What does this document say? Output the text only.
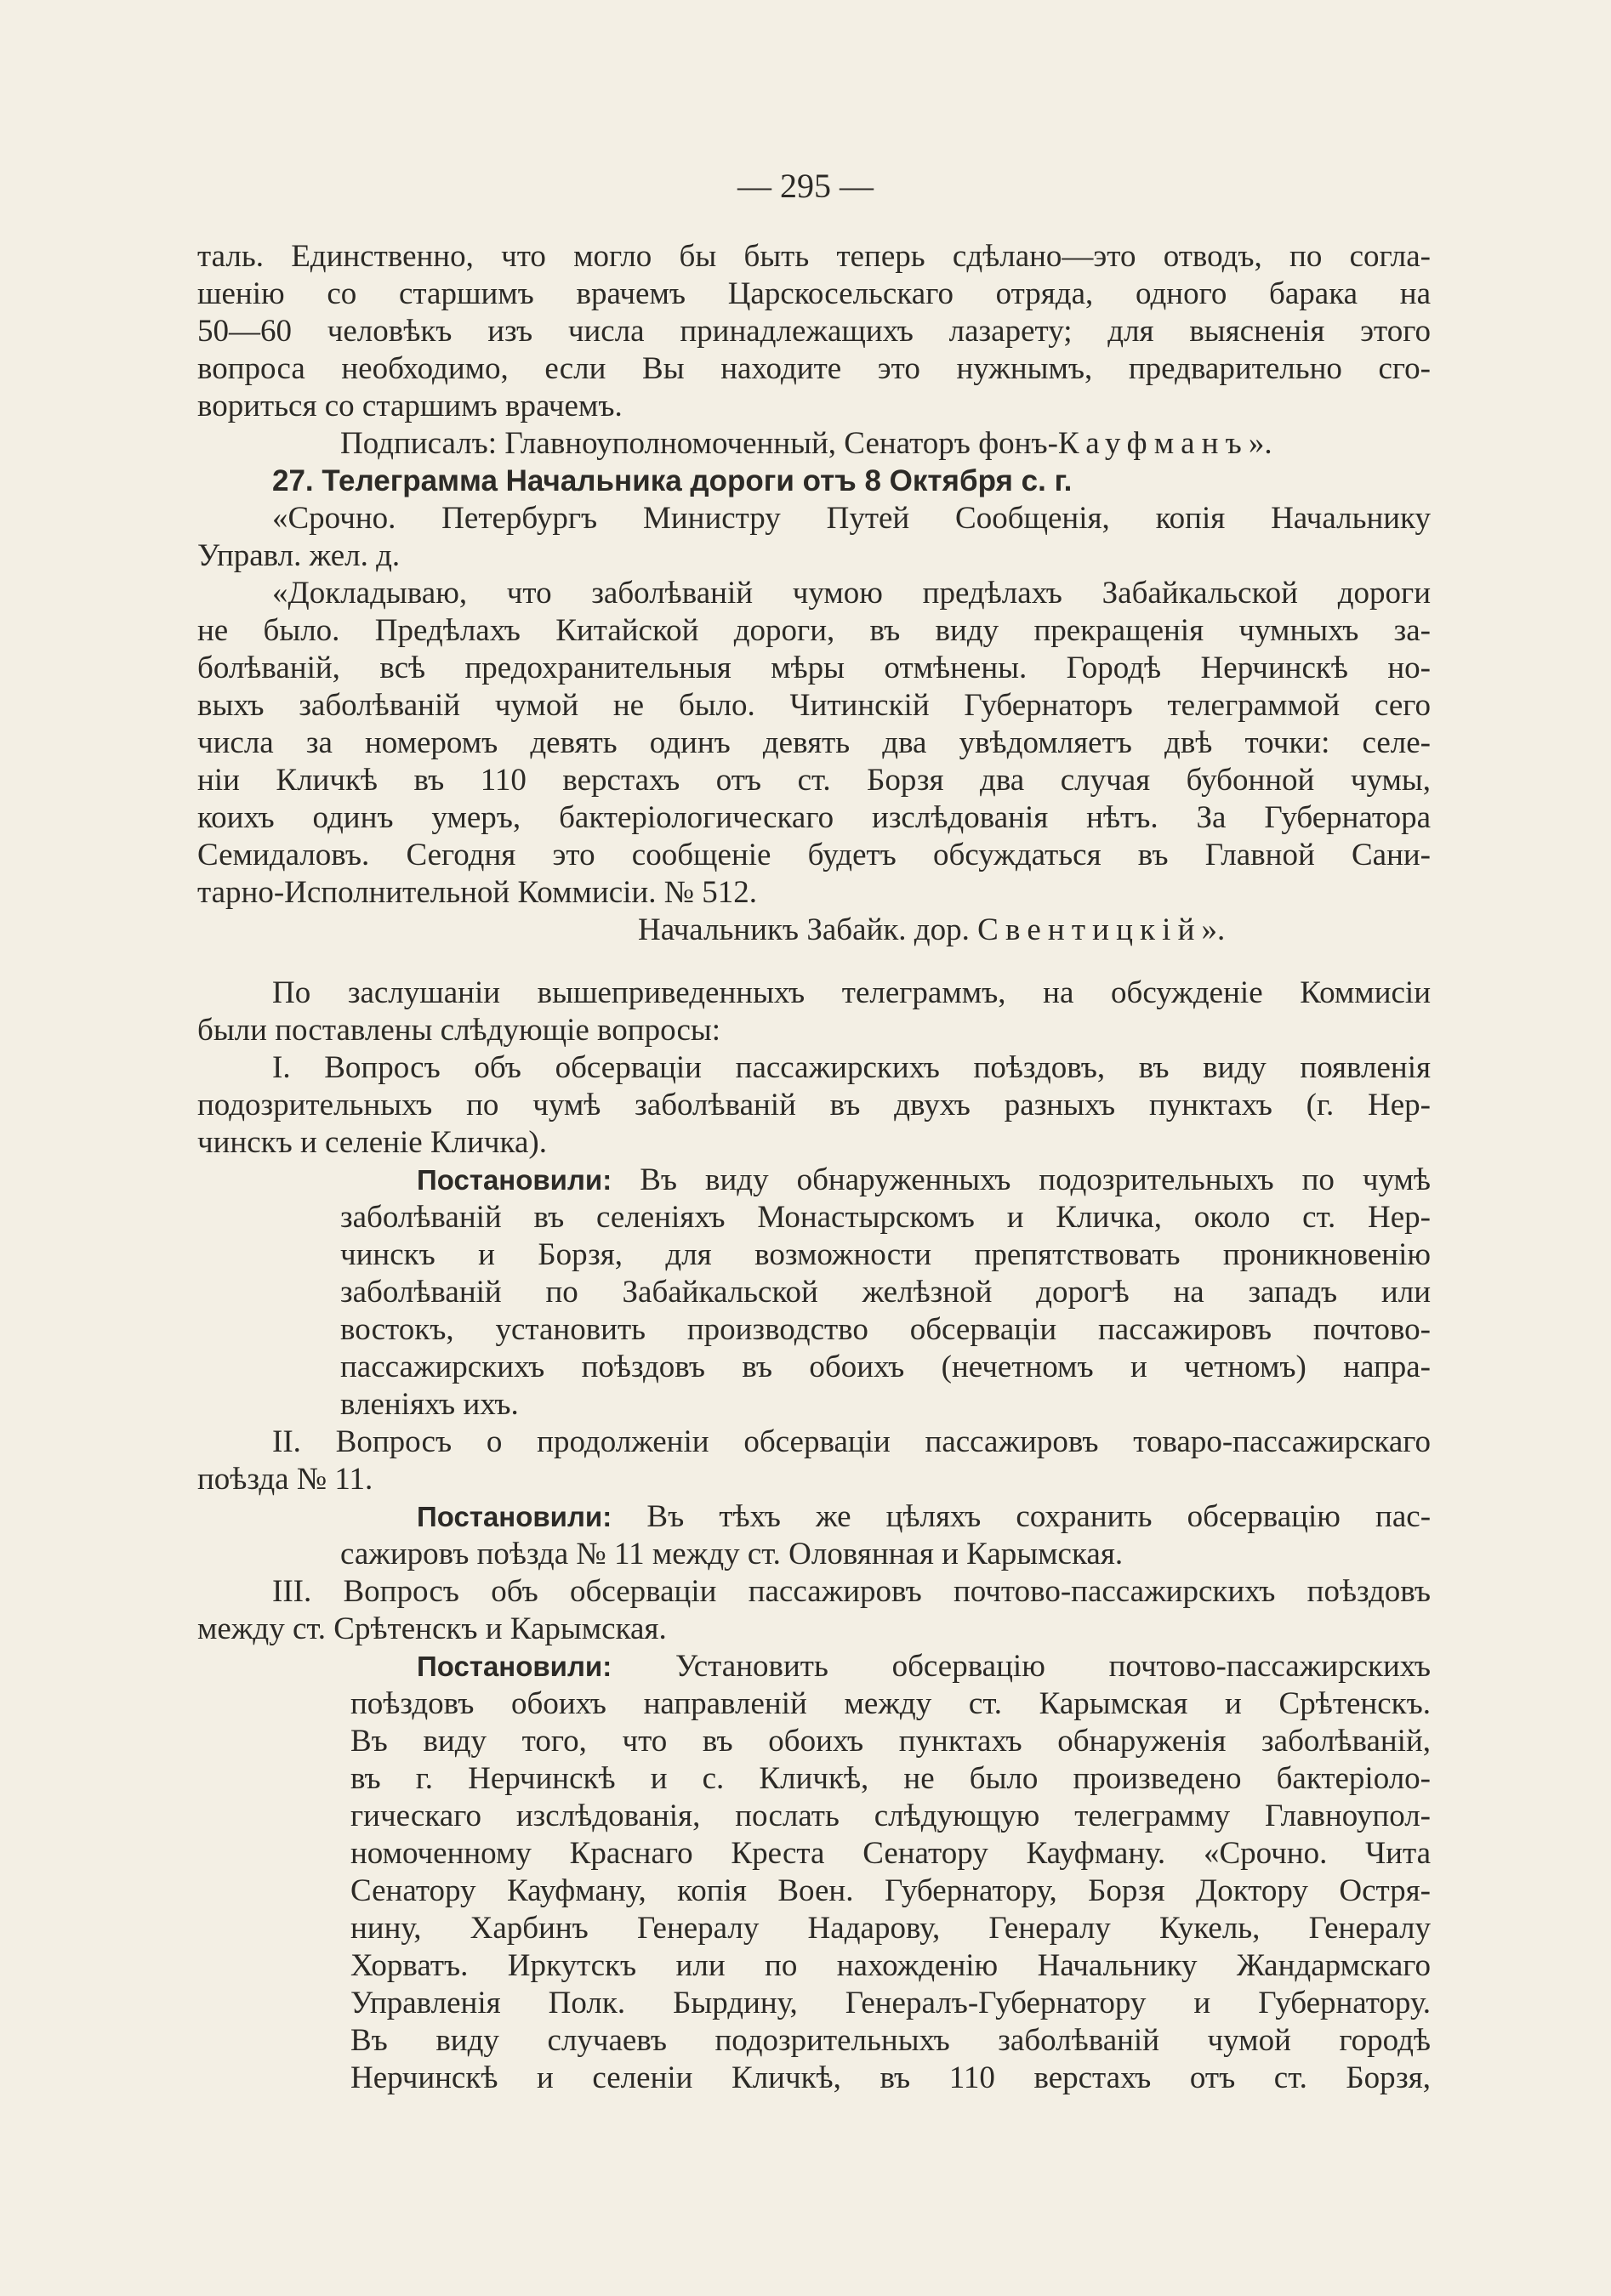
— 295 —
таль. Единственно, что могло бы быть теперь сдѣлано—это отводъ, по согла-
шенію со старшимъ врачемъ Царскосельскаго отряда, одного барака на
50—60 человѣкъ изъ числа принадлежащихъ лазарету; для выясненія этого
вопроса необходимо, если Вы находите это нужнымъ, предварительно сго-
вориться со старшимъ врачемъ.
Подписалъ: Главноуполномоченный, Сенаторъ фонъ-Кауфманъ».
27. Телеграмма Начальника дороги отъ 8 Октября с. г.
«Срочно. Петербургъ Министру Путей Сообщенія, копія Начальнику
Управл. жел. д.
«Докладываю, что заболѣваній чумою предѣлахъ Забайкальской дороги
не было. Предѣлахъ Китайской дороги, въ виду прекращенія чумныхъ за-
болѣваній, всѣ предохранительныя мѣры отмѣнены. Городѣ Нерчинскѣ но-
выхъ заболѣваній чумой не было. Читинскій Губернаторъ телеграммой сего
числа за номеромъ девять одинъ девять два увѣдомляетъ двѣ точки: селе-
ніи Кличкѣ въ 110 верстахъ отъ ст. Борзя два случая бубонной чумы,
коихъ одинъ умеръ, бактеріологическаго изслѣдованія нѣтъ. За Губернатора
Семидаловъ. Сегодня это сообщеніе будетъ обсуждаться въ Главной Сани-
тарно-Исполнительной Коммисіи. № 512.
Начальникъ Забайк. дор. Свентицкій».
По заслушаніи вышеприведенныхъ телеграммъ, на обсужденіе Коммисіи
были поставлены слѣдующіе вопросы:
I. Вопросъ объ обсерваціи пассажирскихъ поѣздовъ, въ виду появленія
подозрительныхъ по чумѣ заболѣваній въ двухъ разныхъ пунктахъ (г. Нер-
чинскъ и селеніе Кличка).
Постановили: Въ виду обнаруженныхъ подозрительныхъ по чумѣ
заболѣваній въ селеніяхъ Монастырскомъ и Кличка, около ст. Нер-
чинскъ и Борзя, для возможности препятствовать проникновенію
заболѣваній по Забайкальской желѣзной дорогѣ на западъ или
востокъ, установить производство обсерваціи пассажировъ почтово-
пассажирскихъ поѣздовъ въ обоихъ (нечетномъ и четномъ) напра-
вленіяхъ ихъ.
II. Вопросъ о продолженіи обсерваціи пассажировъ товаро-пассажирскаго
поѣзда № 11.
Постановили: Въ тѣхъ же цѣляхъ сохранить обсервацію пас-
сажировъ поѣзда № 11 между ст. Оловянная и Карымская.
III. Вопросъ объ обсерваціи пассажировъ почтово-пассажирскихъ поѣздовъ
между ст. Срѣтенскъ и Карымская.
Постановили: Установить обсервацію почтово-пассажирскихъ
поѣздовъ обоихъ направленій между ст. Карымская и Срѣтенскъ.
Въ виду того, что въ обоихъ пунктахъ обнаруженія заболѣваній,
въ г. Нерчинскѣ и с. Кличкѣ, не было произведено бактеріоло-
гическаго изслѣдованія, послать слѣдующую телеграмму Главноупол-
номоченному Краснаго Креста Сенатору Кауфману. «Срочно. Чита
Сенатору Кауфману, копія Воен. Губернатору, Борзя Доктору Остря-
нину, Харбинъ Генералу Надарову, Генералу Кукель, Генералу
Хорватъ. Иркутскъ или по нахожденію Начальнику Жандармскаго
Управленія Полк. Бырдину, Генералъ-Губернатору и Губернатору.
Въ виду случаевъ подозрительныхъ заболѣваній чумой городѣ
Нерчинскѣ и селеніи Кличкѣ, въ 110 верстахъ отъ ст. Борзя,
